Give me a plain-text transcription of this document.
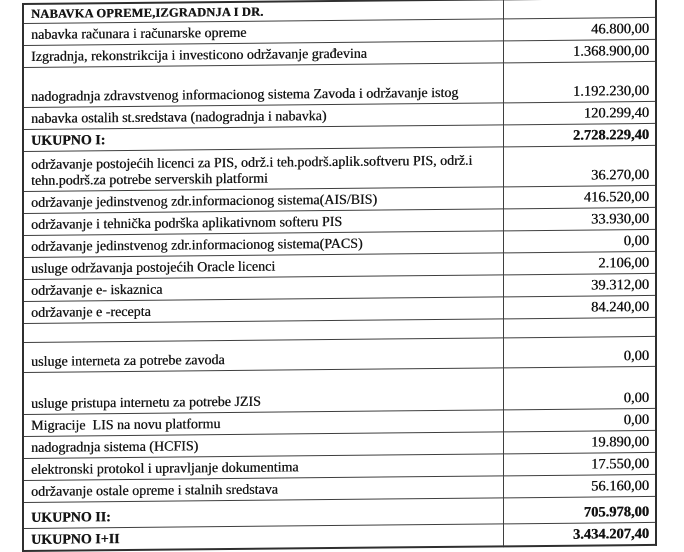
NABAVKA OPREME,IZGRADNJA I DR.	
nabavka računara i računarske opreme	46.800,00
Izgradnja, rekonstrikcija i investicono održavanje građevina	1.368.900,00
nadogradnja zdravstvenog informacionog sistema Zavoda i održavanje istog	1.192.230,00
nabavka ostalih st.sredstava (nadogradnja i nabavka)	120.299,40
UKUPNO I:	2.728.229,40
održavanje postojećih licenci za PIS, održ.i teh.podrš.aplik.softveru PIS, održ.i tehn.podrš.za potrebe serverskih platformi	36.270,00
održavanje jedinstvenog zdr.informacionog sistema(AIS/BIS)	416.520,00
održavanje i tehnička podrška aplikativnom softeru PIS	33.930,00
održavanje jedinstvenog zdr.informacionog sistema(PACS)	0,00
usluge održavanja postojećih Oracle licenci	2.106,00
održavanje e- iskaznica	39.312,00
održavanje e -recepta	84.240,00

usluge interneta za potrebe zavoda	0,00
usluge pristupa internetu za potrebe JZIS	0,00
Migracije  LIS na novu platformu	0,00
nadogradnja sistema (HCFIS)	19.890,00
elektronski protokol i upravljanje dokumentima	17.550,00
održavanje ostale opreme i stalnih sredstava	56.160,00
UKUPNO II:	705.978,00
UKUPNO I+II	3.434.207,40
